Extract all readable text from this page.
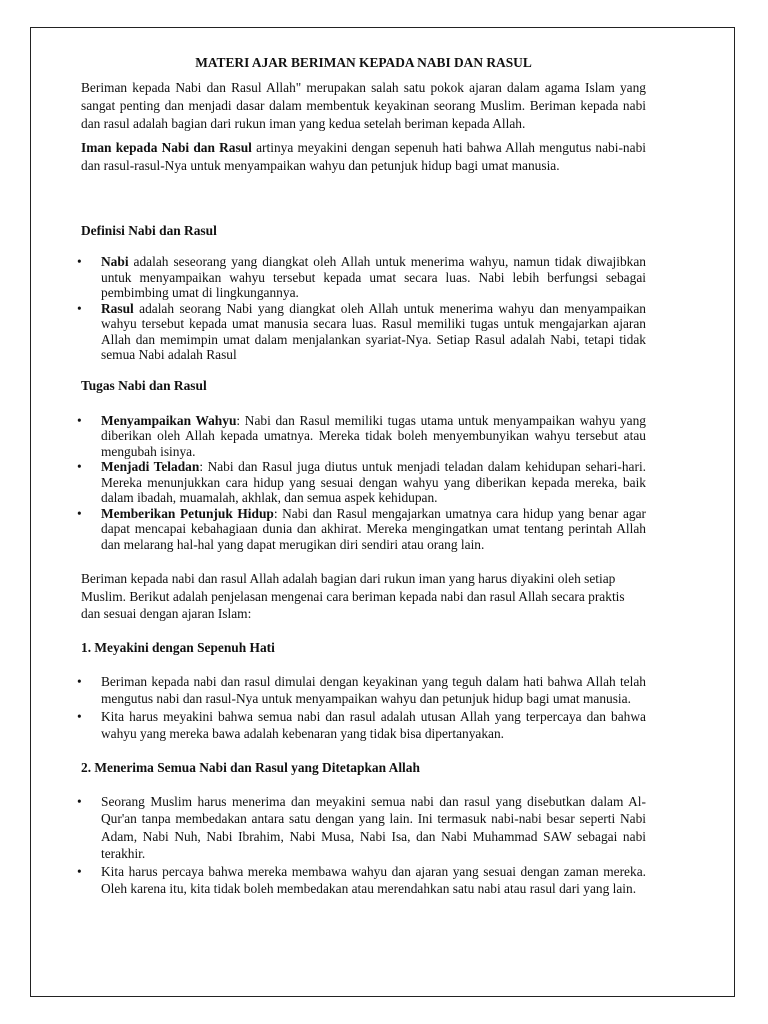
MATERI AJAR BERIMAN KEPADA NABI DAN RASUL

Beriman kepada Nabi dan Rasul Allah" merupakan salah satu pokok ajaran dalam agama Islam yang sangat penting dan menjadi dasar dalam membentuk keyakinan seorang Muslim. Beriman kepada nabi dan rasul adalah bagian dari rukun iman yang kedua setelah beriman kepada Allah.

Iman kepada Nabi dan Rasul artinya meyakini dengan sepenuh hati bahwa Allah mengutus nabi-nabi dan rasul-rasul-Nya untuk menyampaikan wahyu dan petunjuk hidup bagi umat manusia.

Definisi Nabi dan Rasul
• Nabi adalah seseorang yang diangkat oleh Allah untuk menerima wahyu, namun tidak diwajibkan untuk menyampaikan wahyu tersebut kepada umat secara luas. Nabi lebih berfungsi sebagai pembimbing umat di lingkungannya.
• Rasul adalah seorang Nabi yang diangkat oleh Allah untuk menerima wahyu dan menyampaikan wahyu tersebut kepada umat manusia secara luas. Rasul memiliki tugas untuk mengajarkan ajaran Allah dan memimpin umat dalam menjalankan syariat-Nya. Setiap Rasul adalah Nabi, tetapi tidak semua Nabi adalah Rasul
Tugas Nabi dan Rasul
• Menyampaikan Wahyu: Nabi dan Rasul memiliki tugas utama untuk menyampaikan wahyu yang diberikan oleh Allah kepada umatnya. Mereka tidak boleh menyembunyikan wahyu tersebut atau mengubah isinya.
• Menjadi Teladan: Nabi dan Rasul juga diutus untuk menjadi teladan dalam kehidupan sehari-hari. Mereka menunjukkan cara hidup yang sesuai dengan wahyu yang diberikan kepada mereka, baik dalam ibadah, muamalah, akhlak, dan semua aspek kehidupan.
• Memberikan Petunjuk Hidup: Nabi dan Rasul mengajarkan umatnya cara hidup yang benar agar dapat mencapai kebahagiaan dunia dan akhirat. Mereka mengingatkan umat tentang perintah Allah dan melarang hal-hal yang dapat merugikan diri sendiri atau orang lain.

Beriman kepada nabi dan rasul Allah adalah bagian dari rukun iman yang harus diyakini oleh setiap Muslim. Berikut adalah penjelasan mengenai cara beriman kepada nabi dan rasul Allah secara praktis dan sesuai dengan ajaran Islam:

1. Meyakini dengan Sepenuh Hati
• Beriman kepada nabi dan rasul dimulai dengan keyakinan yang teguh dalam hati bahwa Allah telah mengutus nabi dan rasul-Nya untuk menyampaikan wahyu dan petunjuk hidup bagi umat manusia.
• Kita harus meyakini bahwa semua nabi dan rasul adalah utusan Allah yang terpercaya dan bahwa wahyu yang mereka bawa adalah kebenaran yang tidak bisa dipertanyakan.
2. Menerima Semua Nabi dan Rasul yang Ditetapkan Allah
• Seorang Muslim harus menerima dan meyakini semua nabi dan rasul yang disebutkan dalam Al-Qur'an tanpa membedakan antara satu dengan yang lain. Ini termasuk nabi-nabi besar seperti Nabi Adam, Nabi Nuh, Nabi Ibrahim, Nabi Musa, Nabi Isa, dan Nabi Muhammad SAW sebagai nabi terakhir.
• Kita harus percaya bahwa mereka membawa wahyu dan ajaran yang sesuai dengan zaman mereka. Oleh karena itu, kita tidak boleh membedakan atau merendahkan satu nabi atau rasul dari yang lain.
